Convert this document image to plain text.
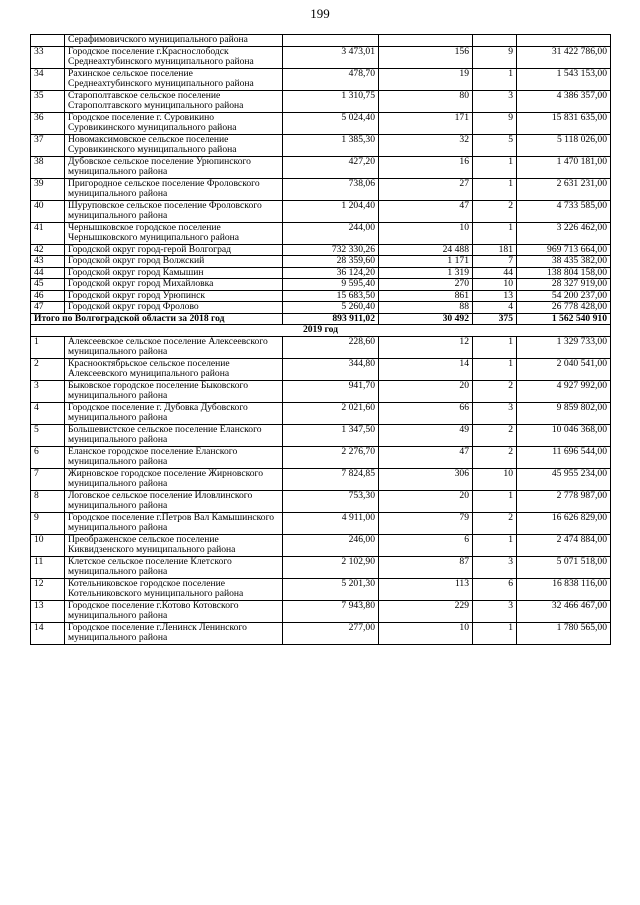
199
	Серафимовичского муниципального района				
33	Городское поселение г.Краснослободск Среднеахтубинского муниципального района	3 473,01	156	9	31 422 786,00
34	Рахинское сельское поселение Среднеахтубинского муниципального района	478,70	19	1	1 543 153,00
35	Старополтавское сельское поселение Старополтавского муниципального района	1 310,75	80	3	4 386 357,00
36	Городское поселение г. Суровикино Суровикинского муниципального района	5 024,40	171	9	15 831 635,00
37	Новомаксимовское сельское поселение Суровикинского муниципального района	1 385,30	32	5	5 118 026,00
38	Дубовское сельское поселение Урюпинского муниципального района	427,20	16	1	1 470 181,00
39	Пригородное сельское поселение Фроловского муниципального района	738,06	27	1	2 631 231,00
40	Шуруповское сельское поселение Фроловского муниципального района	1 204,40	47	2	4 733 585,00
41	Чернышковское городское поселение Чернышковского муниципального района	244,00	10	1	3 226 462,00
42	Городской округ город-герой Волгоград	732 330,26	24 488	181	969 713 664,00
43	Городской округ город Волжский	28 359,60	1 171	7	38 435 382,00
44	Городской округ город Камышин	36 124,20	1 319	44	138 804 158,00
45	Городской округ город Михайловка	9 595,40	270	10	28 327 919,00
46	Городской округ город Урюпинск	15 683,50	861	13	54 200 237,00
47	Городской округ город Фролово	5 260,40	88	4	26 778 428,00
Итого по Волгоградской области за 2018 год		893 911,02	30 492	375	1 562 540 910
2019 год					
1	Алексеевское сельское поселение Алексеевского муниципального района	228,60	12	1	1 329 733,00
2	Краснооктябрьское сельское поселение Алексеевского муниципального района	344,80	14	1	2 040 541,00
3	Быковское городское поселение Быковского муниципального района	941,70	20	2	4 927 992,00
4	Городское поселение г. Дубовка Дубовского муниципального района	2 021,60	66	3	9 859 802,00
5	Большевистское сельское поселение Еланского муниципального района	1 347,50	49	2	10 046 368,00
6	Еланское городское поселение Еланского муниципального района	2 276,70	47	2	11 696 544,00
7	Жирновское городское поселение Жирновского муниципального района	7 824,85	306	10	45 955 234,00
8	Логовское сельское поселение Иловлинского муниципального района	753,30	20	1	2 778 987,00
9	Городское поселение г.Петров Вал Камышинского муниципального района	4 911,00	79	2	16 626 829,00
10	Преображенское сельское поселение Киквидзенского муниципального района	246,00	6	1	2 474 884,00
11	Клетское сельское поселение Клетского муниципального района	2 102,90	87	3	5 071 518,00
12	Котельниковское городское поселение Котельниковского муниципального района	5 201,30	113	6	16 838 116,00
13	Городское поселение г.Котово Котовского муниципального района	7 943,80	229	3	32 466 467,00
14	Городское поселение г.Ленинск Ленинского муниципального района	277,00	10	1	1 780 565,00
